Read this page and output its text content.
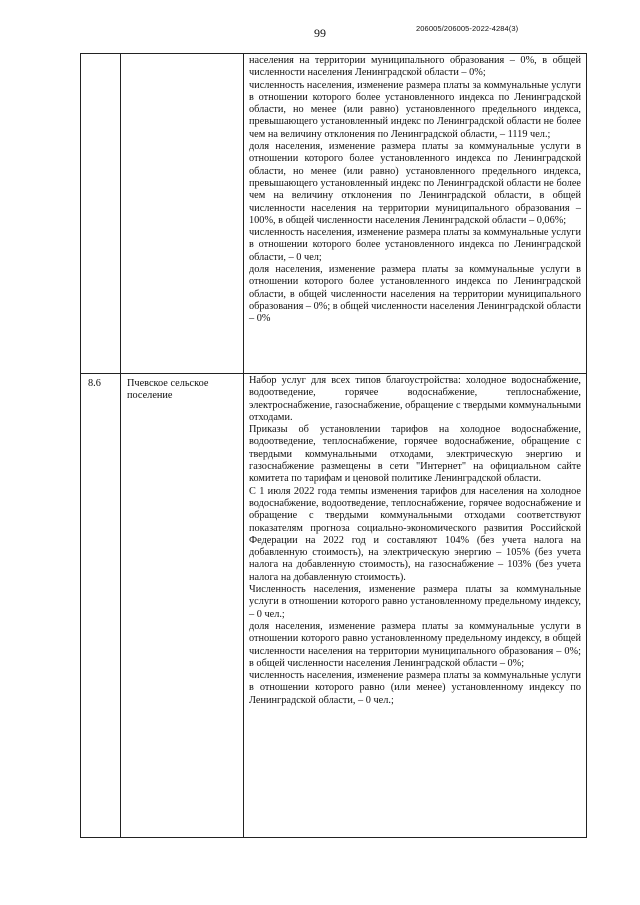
99	206005/206005-2022-4284(3)

населения на территории муниципального образования – 0%, в общей численности населения Ленинградской области – 0%;

численность населения, изменение размера платы за коммунальные услуги в отношении которого более установленного индекса по Ленинградской области, но менее (или равно) установленного предельного индекса, превышающего установленный индекс по Ленинградской области не более чем на величину отклонения по Ленинградской области, – 1119 чел.;

доля населения, изменение размера платы за коммунальные услуги в отношении которого более установленного индекса по Ленинградской области, но менее (или равно) установленного предельного индекса, превышающего установленный индекс по Ленинградской области не более чем на величину отклонения по Ленинградской области, в общей численности населения на территории муниципального образования – 100%, в общей численности населения Ленинградской области – 0,06%;

численность населения, изменение размера платы за коммунальные услуги в отношении которого более установленного индекса по Ленинградской области, – 0 чел;

доля населения, изменение размера платы за коммунальные услуги в отношении которого более установленного индекса по Ленинградской области, в общей численности населения на территории муниципального образования – 0%; в общей численности населения Ленинградской области – 0%

8.6	Пчевское сельское поселение

Набор услуг для всех типов благоустройства: холодное водоснабжение, водоотведение, горячее водоснабжение, теплоснабжение, электроснабжение, газоснабжение, обращение с твердыми коммунальными отходами.

Приказы об установлении тарифов на холодное водоснабжение, водоотведение, теплоснабжение, горячее водоснабжение, обращение с твердыми коммунальными отходами, электрическую энергию и газоснабжение размещены в сети "Интернет" на официальном сайте комитета по тарифам и ценовой политике Ленинградской области.

С 1 июля 2022 года темпы изменения тарифов для населения на холодное водоснабжение, водоотведение, теплоснабжение, горячее водоснабжение и обращение с твердыми коммунальными отходами соответствуют показателям прогноза социально-экономического развития Российской Федерации на 2022 год и составляют 104% (без учета налога на добавленную стоимость), на электрическую энергию – 105% (без учета налога на добавленную стоимость), на газоснабжение – 103% (без учета налога на добавленную стоимость).

Численность населения, изменение размера платы за коммунальные услуги в отношении которого равно установленному предельному индексу, – 0 чел.;

доля населения, изменение размера платы за коммунальные услуги в отношении которого равно установленному предельному индексу, в общей численности населения на территории муниципального образования – 0%; в общей численности населения Ленинградской области – 0%;

численность населения, изменение размера платы за коммунальные услуги в отношении которого равно (или менее) установленному индексу по Ленинградской области, – 0 чел.;
